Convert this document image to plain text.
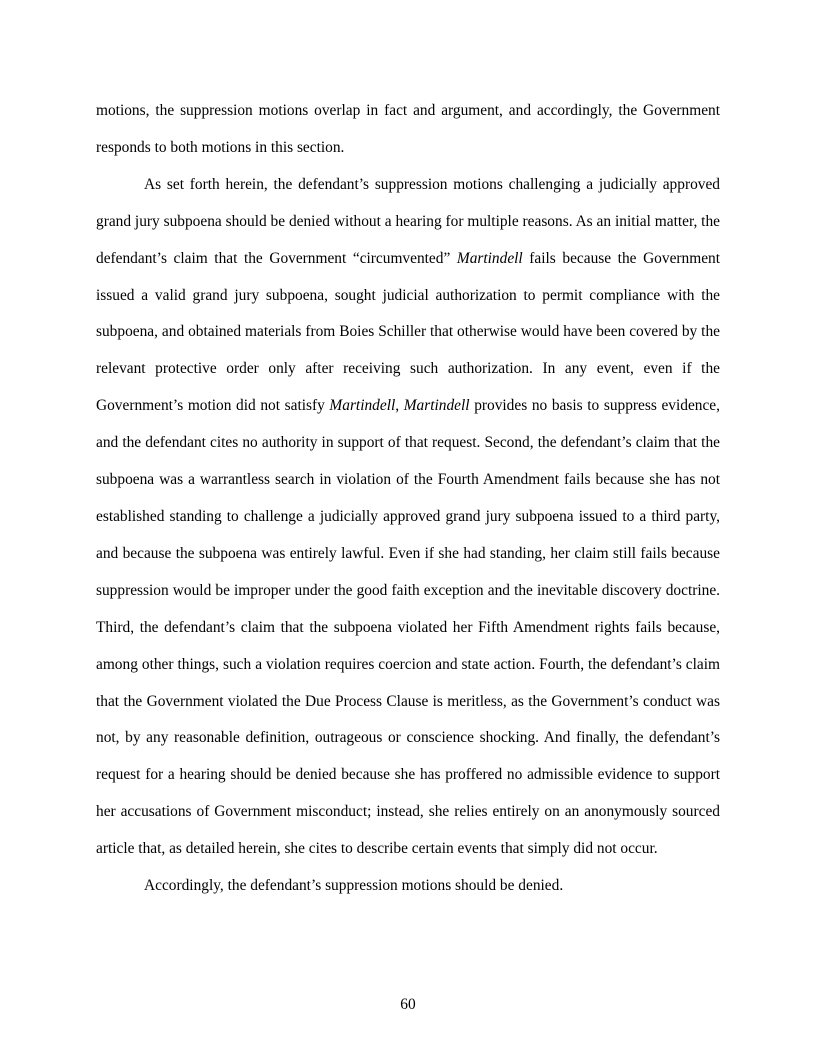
motions, the suppression motions overlap in fact and argument, and accordingly, the Government responds to both motions in this section.

As set forth herein, the defendant’s suppression motions challenging a judicially approved grand jury subpoena should be denied without a hearing for multiple reasons. As an initial matter, the defendant’s claim that the Government “circumvented” Martindell fails because the Government issued a valid grand jury subpoena, sought judicial authorization to permit compliance with the subpoena, and obtained materials from Boies Schiller that otherwise would have been covered by the relevant protective order only after receiving such authorization. In any event, even if the Government’s motion did not satisfy Martindell, Martindell provides no basis to suppress evidence, and the defendant cites no authority in support of that request. Second, the defendant’s claim that the subpoena was a warrantless search in violation of the Fourth Amendment fails because she has not established standing to challenge a judicially approved grand jury subpoena issued to a third party, and because the subpoena was entirely lawful. Even if she had standing, her claim still fails because suppression would be improper under the good faith exception and the inevitable discovery doctrine. Third, the defendant’s claim that the subpoena violated her Fifth Amendment rights fails because, among other things, such a violation requires coercion and state action. Fourth, the defendant’s claim that the Government violated the Due Process Clause is meritless, as the Government’s conduct was not, by any reasonable definition, outrageous or conscience shocking. And finally, the defendant’s request for a hearing should be denied because she has proffered no admissible evidence to support her accusations of Government misconduct; instead, she relies entirely on an anonymously sourced article that, as detailed herein, she cites to describe certain events that simply did not occur.

Accordingly, the defendant’s suppression motions should be denied.

60
